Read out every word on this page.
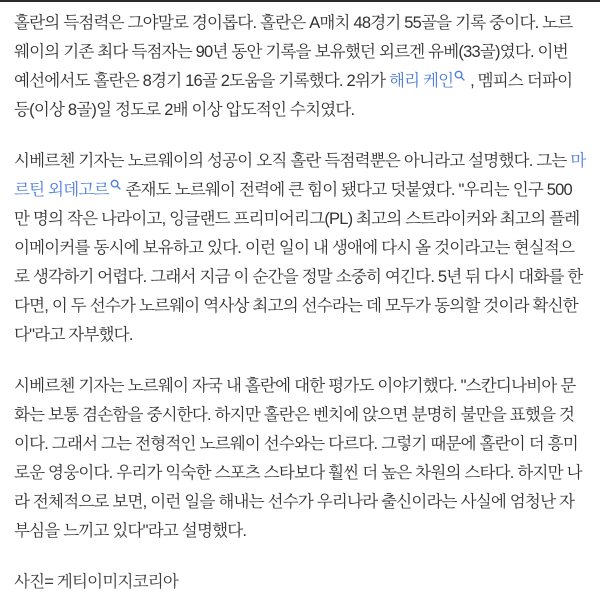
홀란의 득점력은 그야말로 경이롭다. 홀란은 A매치 48경기 55골을 기록 중이다. 노르웨이의 기존 최다 득점자는 90년 동안 기록을 보유했던 외르겐 유베(33골)였다. 이번 예선에서도 홀란은 8경기 16골 2도움을 기록했다. 2위가 해리 케인 , 멤피스 더파이 등(이상 8골)일 정도로 2배 이상 압도적인 수치였다.

시베르첸 기자는 노르웨이의 성공이 오직 홀란 득점력뿐은 아니라고 설명했다. 그는 마르틴 외데고르 존재도 노르웨이 전력에 큰 힘이 됐다고 덧붙였다. "우리는 인구 500만 명의 작은 나라이고, 잉글랜드 프리미어리그(PL) 최고의 스트라이커와 최고의 플레이메이커를 동시에 보유하고 있다. 이런 일이 내 생애에 다시 올 것이라고는 현실적으로 생각하기 어렵다. 그래서 지금 이 순간을 정말 소중히 여긴다. 5년 뒤 다시 대화를 한다면, 이 두 선수가 노르웨이 역사상 최고의 선수라는 데 모두가 동의할 것이라 확신한다"라고 자부했다.

시베르첸 기자는 노르웨이 자국 내 홀란에 대한 평가도 이야기했다. "스칸디나비아 문화는 보통 겸손함을 중시한다. 하지만 홀란은 벤치에 앉으면 분명히 불만을 표했을 것이다. 그래서 그는 전형적인 노르웨이 선수와는 다르다. 그렇기 때문에 홀란이 더 흥미로운 영웅이다. 우리가 익숙한 스포츠 스타보다 훨씬 더 높은 차원의 스타다. 하지만 나라 전체적으로 보면, 이런 일을 해내는 선수가 우리나라 출신이라는 사실에 엄청난 자부심을 느끼고 있다"라고 설명했다.

사진= 게티이미지코리아
